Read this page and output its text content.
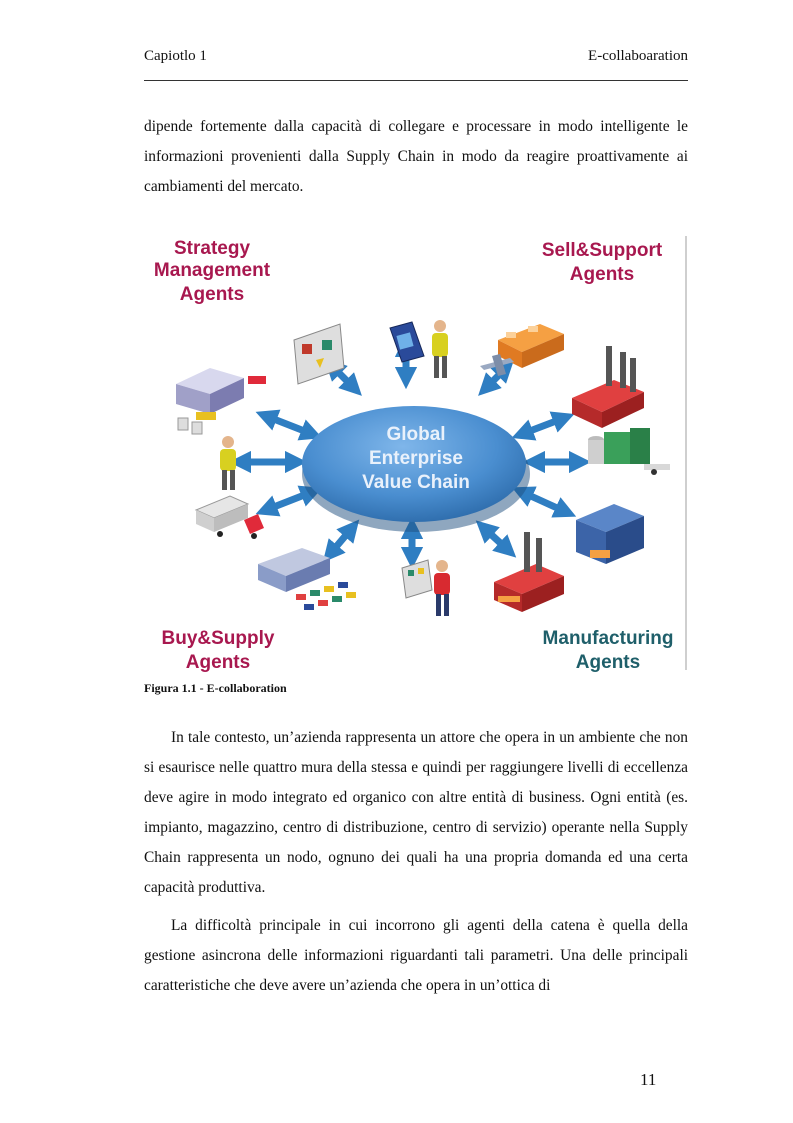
Capiotlo 1	E-collaboaration

dipende fortemente dalla capacità di collegare e processare in modo intelligente le informazioni provenienti dalla Supply Chain in modo da reagire proattivamente ai cambiamenti del mercato.

Global
Enterprise
Value Chain
Strategy
Management
Agents
Sell&Support
Agents
Buy&Supply
Agents
Manufacturing
Agents
Figura 1.1 - E-collaboration

In tale contesto, un’azienda rappresenta un attore che opera in un ambiente che non si esaurisce nelle quattro mura della stessa e quindi per raggiungere livelli di eccellenza deve agire in modo integrato ed organico con altre entità di business. Ogni entità (es. impianto, magazzino, centro di distribuzione, centro di servizio) operante nella Supply Chain rappresenta un nodo, ognuno dei quali ha una propria domanda ed una certa capacità produttiva.

La difficoltà principale in cui incorrono gli agenti della catena è quella della gestione asincrona delle informazioni riguardanti tali parametri. Una delle principali caratteristiche che deve avere un’azienda che opera in un’ottica di

11
